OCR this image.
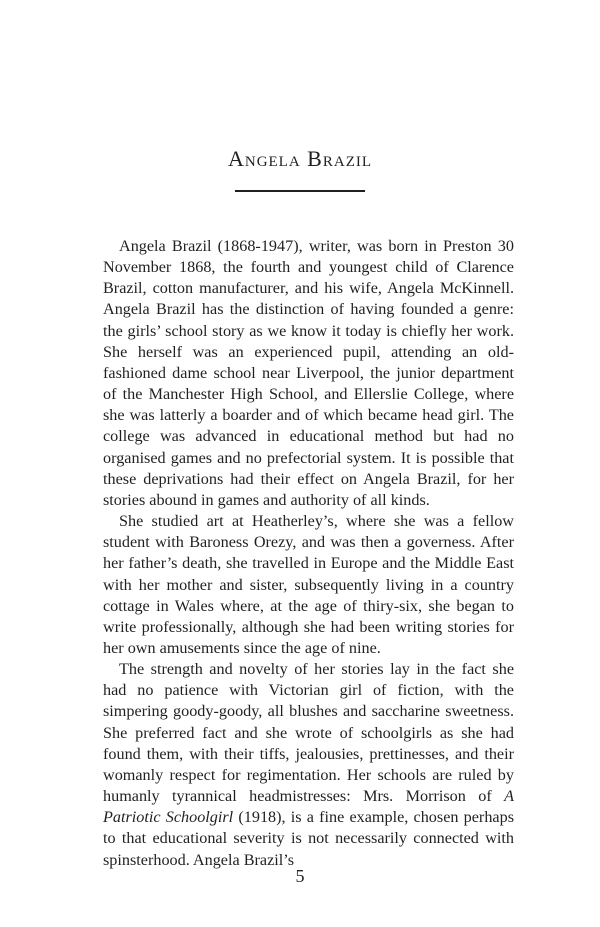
Angela Brazil

Angela Brazil (1868-1947), writer, was born in Preston 30 November 1868, the fourth and youngest child of Clarence Brazil, cotton manufacturer, and his wife, Angela McKinnell. Angela Brazil has the distinction of having founded a genre: the girls’ school story as we know it today is chiefly her work. She herself was an experienced pupil, attending an old-fashioned dame school near Liverpool, the junior department of the Manchester High School, and Ellerslie College, where she was latterly a boarder and of which became head girl. The college was advanced in educational method but had no organised games and no prefectorial system. It is possible that these deprivations had their effect on Angela Brazil, for her stories abound in games and authority of all kinds.

She studied art at Heatherley’s, where she was a fellow student with Baroness Orezy, and was then a governess. After her father’s death, she travelled in Europe and the Middle East with her mother and sister, subsequently living in a country cottage in Wales where, at the age of thiry-six, she began to write professionally, although she had been writing stories for her own amusements since the age of nine.

The strength and novelty of her stories lay in the fact she had no patience with Victorian girl of fiction, with the simpering goody-goody, all blushes and saccharine sweetness. She preferred fact and she wrote of schoolgirls as she had found them, with their tiffs, jealousies, prettinesses, and their womanly respect for regimentation. Her schools are ruled by humanly tyrannical headmistresses: Mrs. Morrison of A Patriotic Schoolgirl (1918), is a fine example, chosen perhaps to that educational severity is not necessarily connected with spinsterhood. Angela Brazil’s

5
